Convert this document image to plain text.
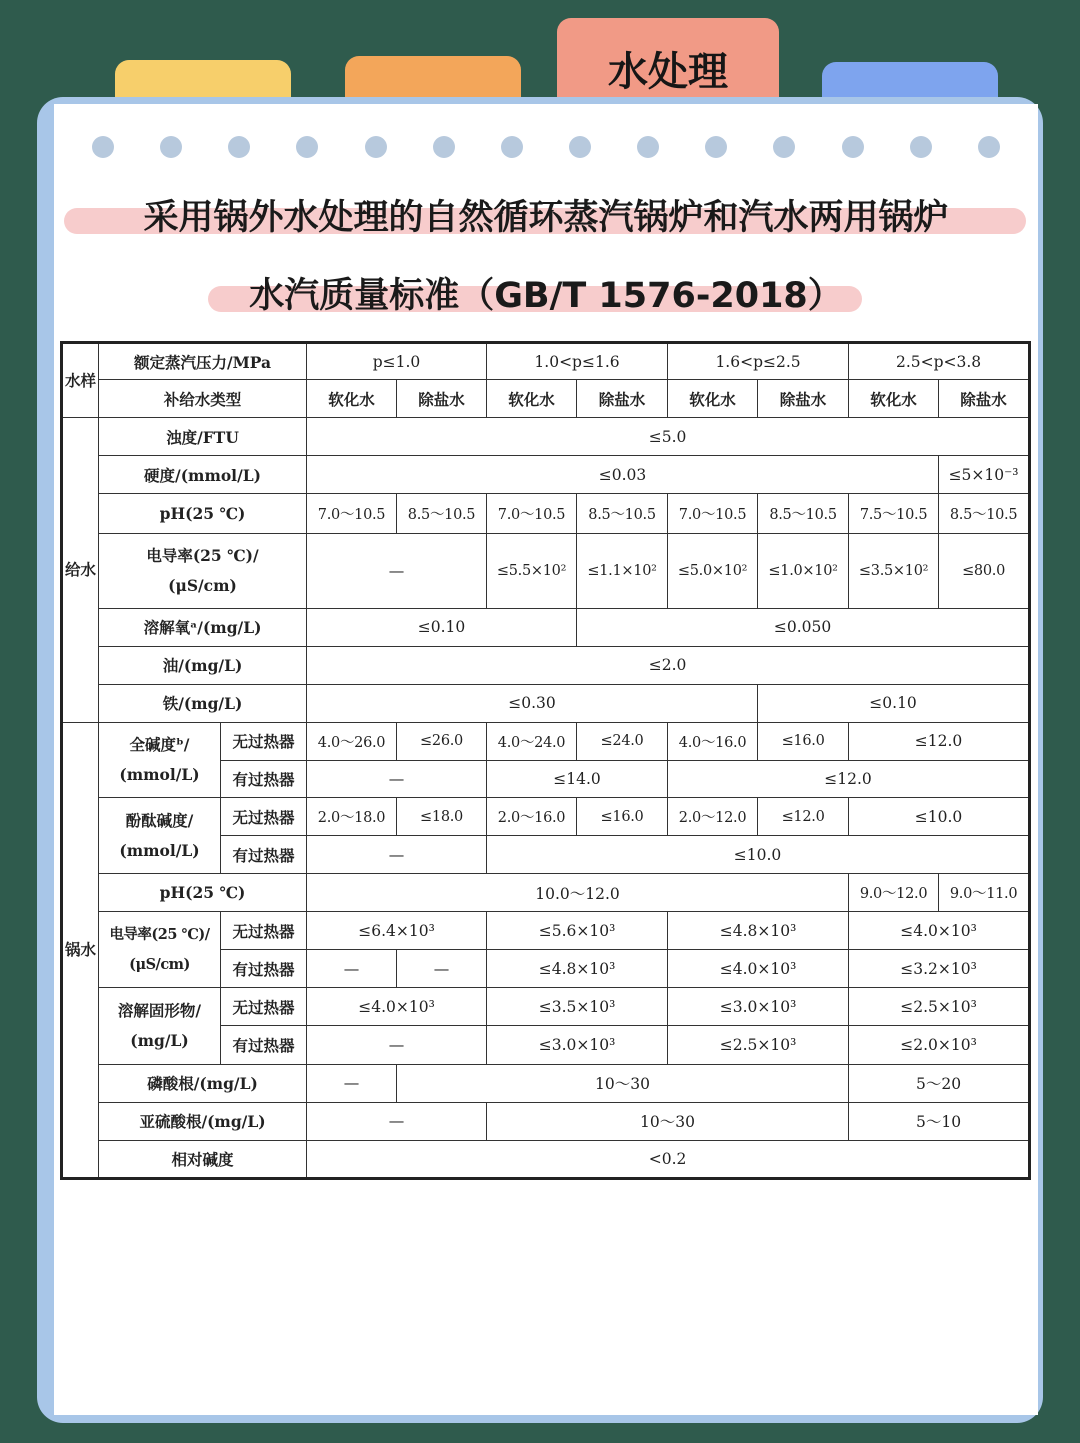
水处理
采用锅外水处理的自然循环蒸汽锅炉和汽水两用锅炉
水汽质量标准（GB/T 1576-2018）
水样	额定蒸汽压力/MPa		p≤1.0		1.0<p≤1.6		1.6<p≤2.5		2.5<p<3.8	
	补给水类型		软化水	除盐水	软化水	除盐水	软化水	除盐水	软化水	除盐水
给水	浊度/FTU		≤5.0							
	硬度/(mmol/L)		≤0.03							≤5×10⁻³
	pH(25 ℃)		7.0～10.5	8.5～10.5	7.0～10.5	8.5～10.5	7.0～10.5	8.5～10.5	7.5～10.5	8.5～10.5

	电导率(25 ℃)/
(μS/cm)		—		≤5.5×10²	≤1.1×10²	≤5.0×10²	≤1.0×10²	≤3.5×10²	≤80.0
	溶解氧ᵃ/(mg/L)		≤0.10			≤0.050				
	油/(mg/L)		≤2.0							
	铁/(mg/L)		≤0.30					≤0.10		
锅水	全碱度ᵇ/
(mmol/L)	无过热器	4.0～26.0	≤26.0	4.0～24.0	≤24.0	4.0～16.0	≤16.0	≤12.0	
		有过热器	—		≤14.0		≤12.0			

	酚酞碱度/
(mmol/L)	无过热器	2.0～18.0	≤18.0	2.0～16.0	≤16.0	2.0～12.0	≤12.0	≤10.0	
		有过热器	—		≤10.0					
	pH(25 ℃)		10.0～12.0						9.0～12.0	9.0～11.0

	电导率(25 ℃)/
(μS/cm)	无过热器	≤6.4×10³		≤5.6×10³		≤4.8×10³		≤4.0×10³	
		有过热器	—	—	≤4.8×10³		≤4.0×10³		≤3.2×10³	

	溶解固形物/
(mg/L)	无过热器	≤4.0×10³		≤3.5×10³		≤3.0×10³		≤2.5×10³	
		有过热器	—		≤3.0×10³		≤2.5×10³		≤2.0×10³	
	磷酸根/(mg/L)		—	10～30					5～20	
	亚硫酸根/(mg/L)		—		10～30				5～10	
	相对碱度		<0.2							
